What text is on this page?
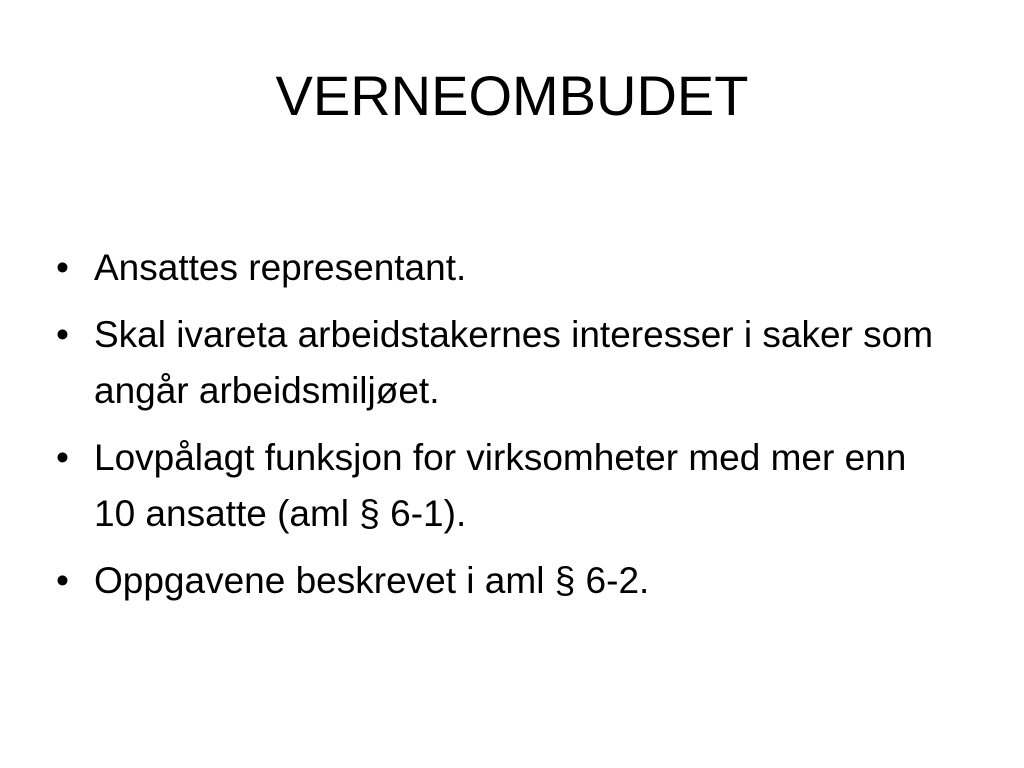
VERNEOMBUDET
• Ansattes representant.
• Skal ivareta arbeidstakernes interesser i saker som angår arbeidsmiljøet.
• Lovpålagt funksjon for virksomheter med mer enn 10 ansatte (aml § 6-1).
• Oppgavene beskrevet i aml § 6-2.
